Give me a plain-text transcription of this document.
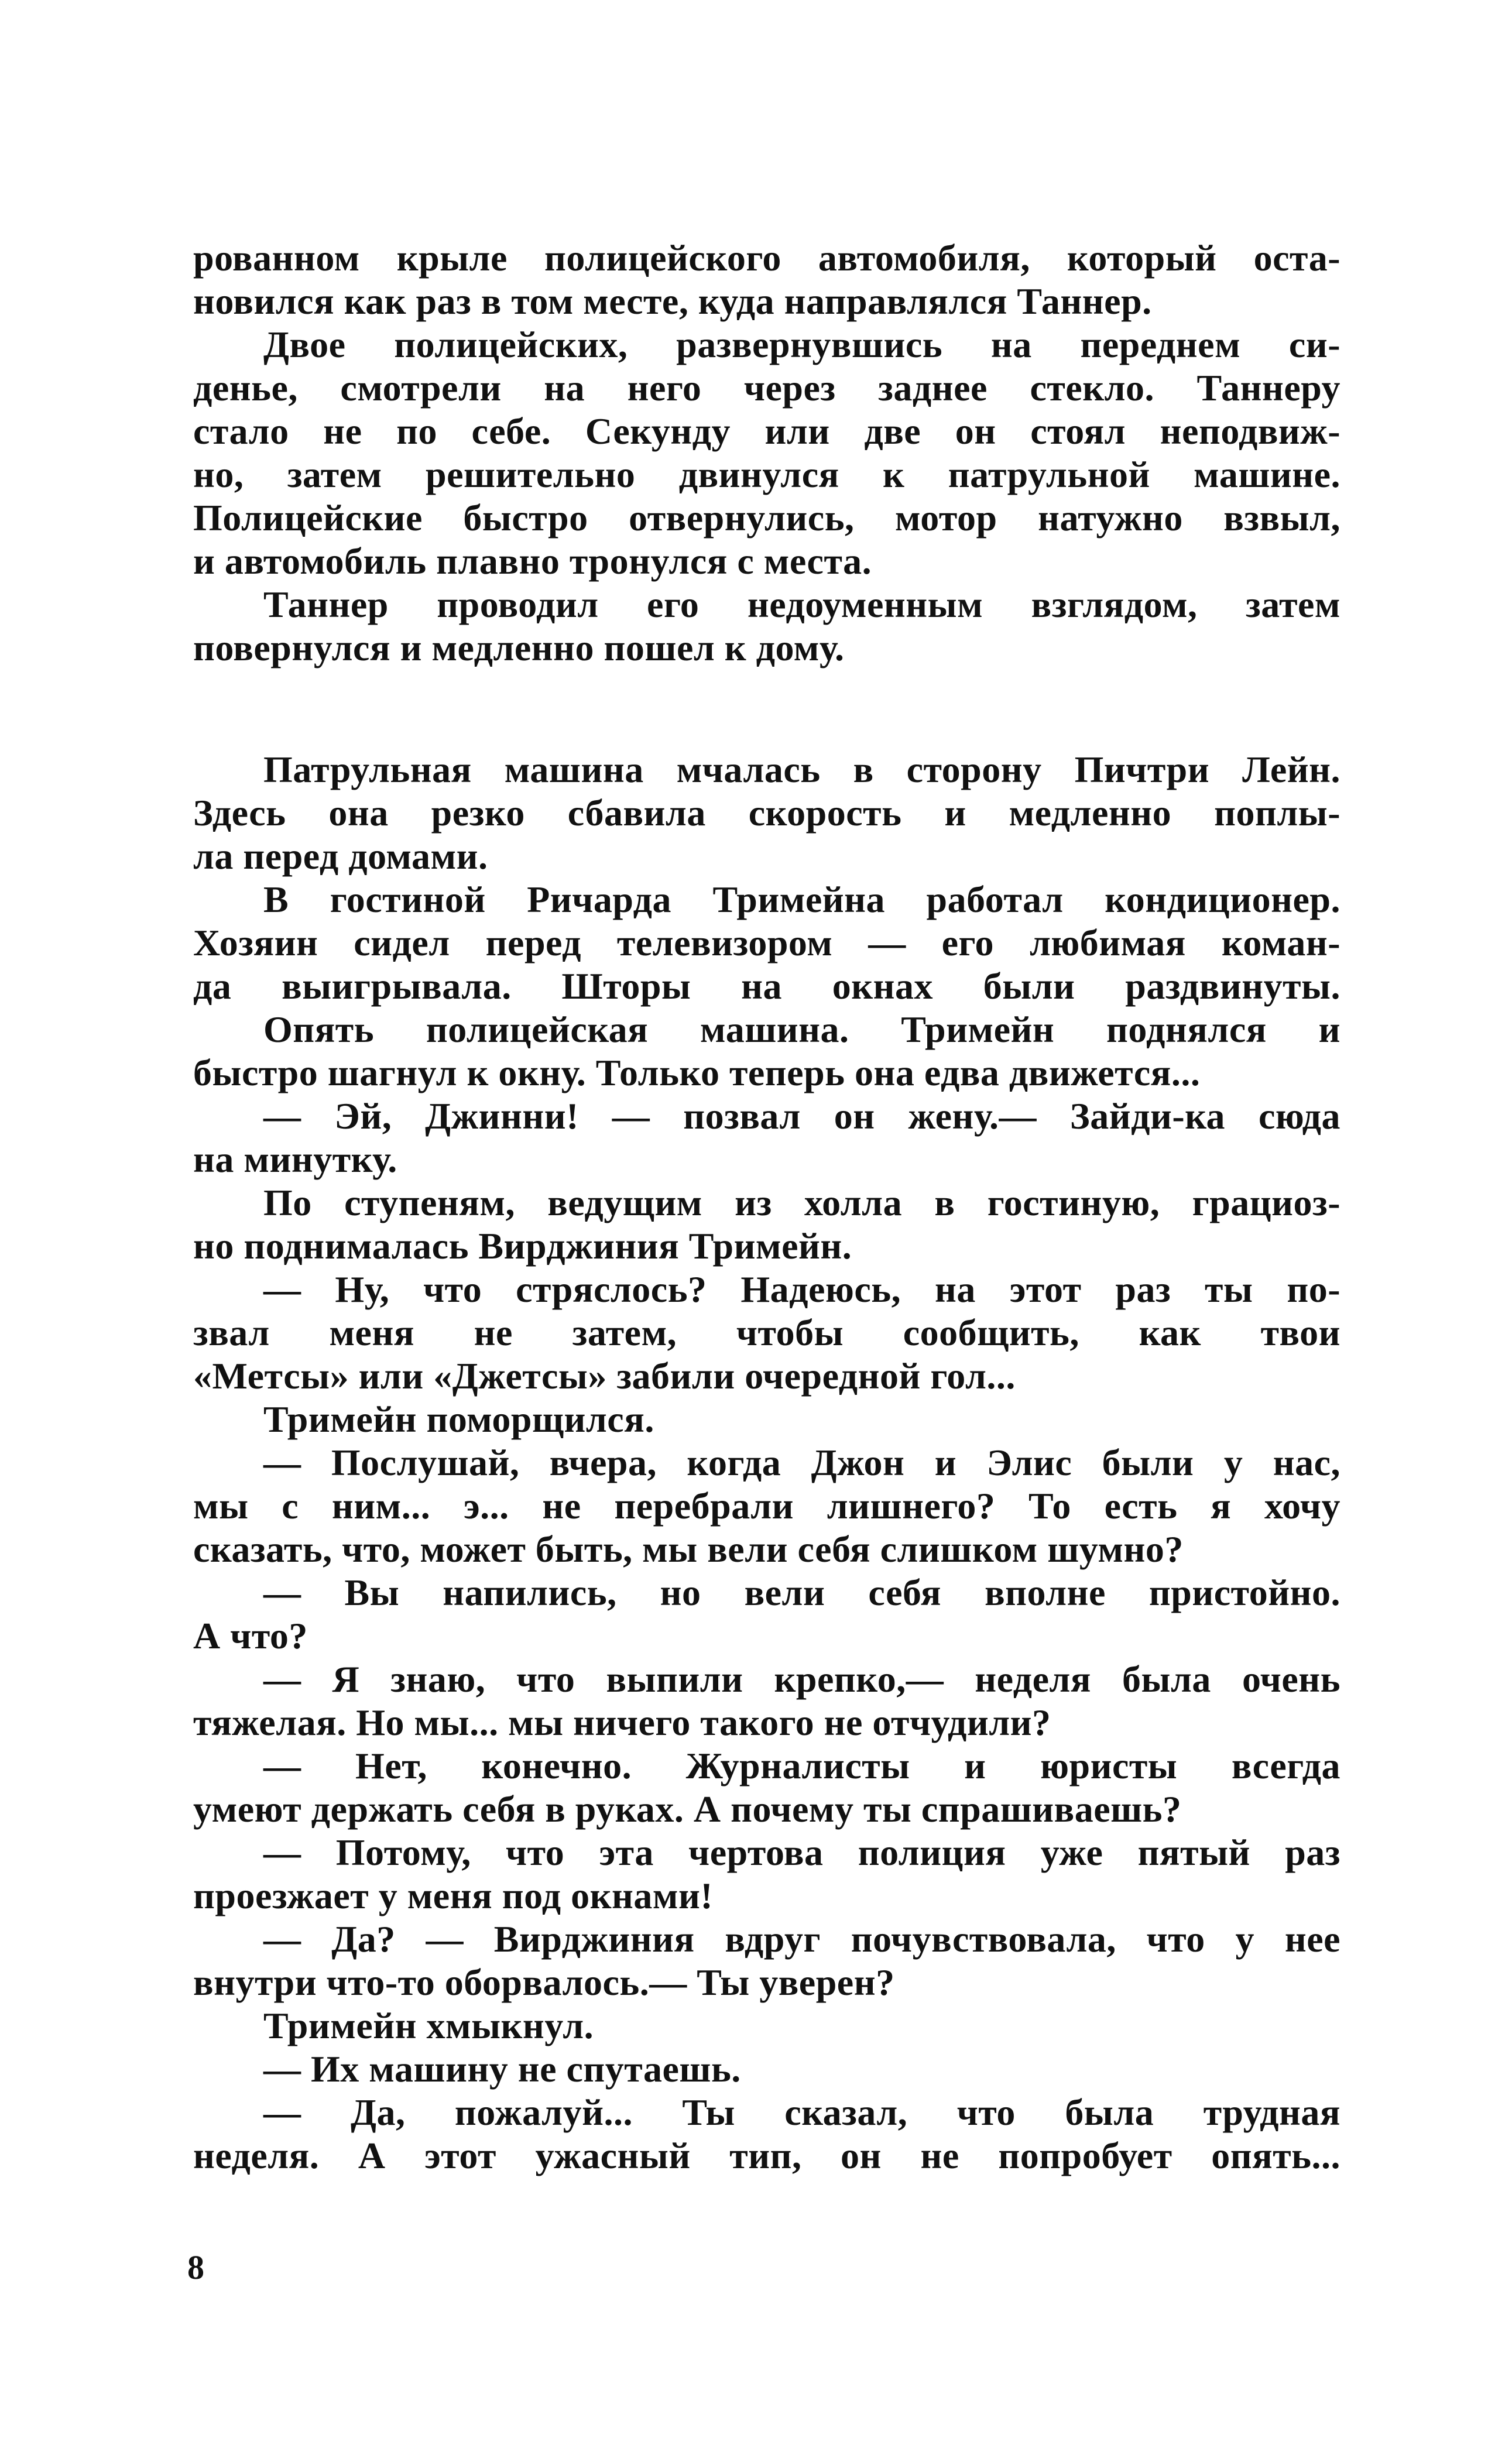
рованном крыле полицейского автомобиля, который оста-
новился как раз в том месте, куда направлялся Таннер.
Двое полицейских, развернувшись на переднем си-
денье, смотрели на него через заднее стекло. Таннеру
стало не по себе. Секунду или две он стоял неподвиж-
но, затем решительно двинулся к патрульной машине.
Полицейские быстро отвернулись, мотор натужно взвыл,
и автомобиль плавно тронулся с места.
Таннер проводил его недоуменным взглядом, затем
повернулся и медленно пошел к дому.
Патрульная машина мчалась в сторону Пичтри Лейн.
Здесь она резко сбавила скорость и медленно поплы-
ла перед домами.
В гостиной Ричарда Тримейна работал кондиционер.
Хозяин сидел перед телевизором — его любимая коман-
да выигрывала. Шторы на окнах были раздвинуты.
Опять полицейская машина. Тримейн поднялся и
быстро шагнул к окну. Только теперь она едва движется...
— Эй, Джинни! — позвал он жену.— Зайди-ка сюда
на минутку.
По ступеням, ведущим из холла в гостиную, грациоз-
но поднималась Вирджиния Тримейн.
— Ну, что стряслось? Надеюсь, на этот раз ты по-
звал меня не затем, чтобы сообщить, как твои
«Метсы» или «Джетсы» забили очередной гол...
Тримейн поморщился.
— Послушай, вчера, когда Джон и Элис были у нас,
мы с ним... э... не перебрали лишнего? То есть я хочу
сказать, что, может быть, мы вели себя слишком шумно?
— Вы напились, но вели себя вполне пристойно.
А что?
— Я знаю, что выпили крепко,— неделя была очень
тяжелая. Но мы... мы ничего такого не отчудили?
— Нет, конечно. Журналисты и юристы всегда
умеют держать себя в руках. А почему ты спрашиваешь?
— Потому, что эта чертова полиция уже пятый раз
проезжает у меня под окнами!
— Да? — Вирджиния вдруг почувствовала, что у нее
внутри что-то оборвалось.— Ты уверен?
Тримейн хмыкнул.
— Их машину не спутаешь.
— Да, пожалуй... Ты сказал, что была трудная
неделя. А этот ужасный тип, он не попробует опять...
8
